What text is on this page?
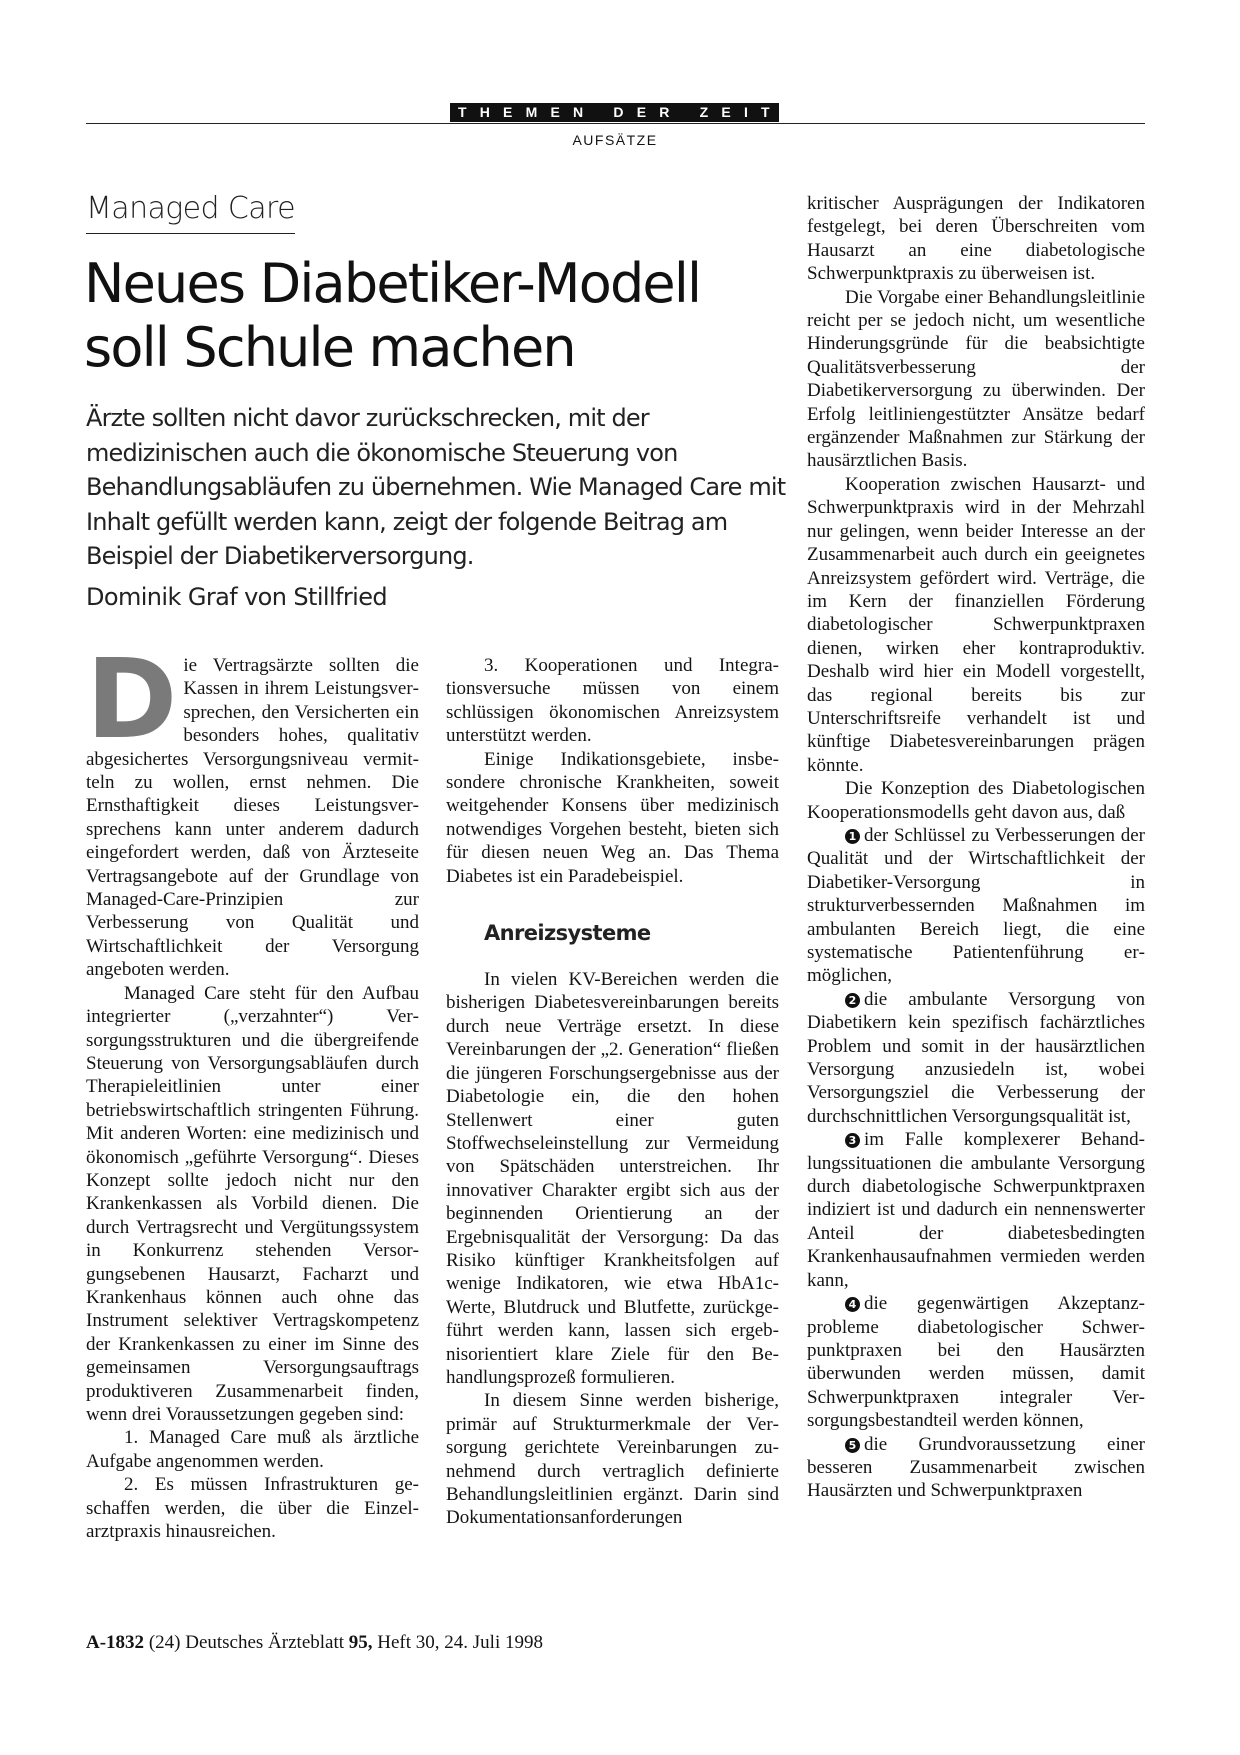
THEMEN DER ZEIT
AUFSÄTZE
Managed Care
Neues Diabetiker-Modell
soll Schule machen

Ärzte sollten nicht davor zurückschrecken, mit der medizinischen auch die ökonomische Steuerung von Behandlungsabläufen zu übernehmen. Wie Managed Care mit Inhalt gefüllt werden kann, zeigt der folgende Beitrag am Beispiel der Diabetikerversorgung.

Dominik Graf von Stillfried

Die Vertragsärzte sollten die Kassen in ihrem Leistungsversprechen, den Versicherten ein besonders hohes, qualitativ abgesichertes Versorgungsniveau vermitteln zu wollen, ernst nehmen. Die Ernsthaftigkeit dieses Leistungsversprechens kann unter anderem dadurch eingefordert werden, daß von Ärzteseite Vertragsangebote auf der Grundlage von Managed-Care-Prinzipien zur Verbesserung von Qualität und Wirtschaftlichkeit der Versorgung angeboten werden.

Managed Care steht für den Aufbau integrierter („verzahnter“) Versorgungsstrukturen und die übergreifende Steuerung von Versorgungsabläufen durch Therapieleitlinien unter einer betriebswirtschaftlich stringenten Führung. Mit anderen Worten: eine medizinisch und ökonomisch „geführte Versorgung“. Dieses Konzept sollte jedoch nicht nur den Krankenkassen als Vorbild dienen. Die durch Vertragsrecht und Vergütungssystem in Konkurrenz stehenden Versorgungsebenen Hausarzt, Facharzt und Krankenhaus können auch ohne das Instrument selektiver Vertragskompetenz der Krankenkassen zu einer im Sinne des gemeinsamen Versorgungsauftrags produktiveren Zusammenarbeit finden, wenn drei Voraussetzungen gegeben sind:

1. Managed Care muß als ärztliche Aufgabe angenommen werden.

2. Es müssen Infrastrukturen geschaffen werden, die über die Einzelarztpraxis hinausreichen.

3. Kooperationen und Integrationsversuche müssen von einem schlüssigen ökonomischen Anreizsystem unterstützt werden.

Einige Indikationsgebiete, insbesondere chronische Krankheiten, soweit weitgehender Konsens über medizinisch notwendiges Vorgehen besteht, bieten sich für diesen neuen Weg an. Das Thema Diabetes ist ein Paradebeispiel.

Anreizsysteme

In vielen KV-Bereichen werden die bisherigen Diabetesvereinbarungen bereits durch neue Verträge ersetzt. In diese Vereinbarungen der „2. Generation“ fließen die jüngeren Forschungsergebnisse aus der Diabetologie ein, die den hohen Stellenwert einer guten Stoffwechseleinstellung zur Vermeidung von Spätschäden unterstreichen. Ihr innovativer Charakter ergibt sich aus der beginnenden Orientierung an der Ergebnisqualität der Versorgung: Da das Risiko künftiger Krankheitsfolgen auf wenige Indikatoren, wie etwa HbA1c-Werte, Blutdruck und Blutfette, zurückgeführt werden kann, lassen sich ergebnisorientiert klare Ziele für den Behandlungsprozeß formulieren.

In diesem Sinne werden bisherige, primär auf Strukturmerkmale der Versorgung gerichtete Vereinbarungen zunehmend durch vertraglich definierte Behandlungsleitlinien ergänzt. Darin sind Dokumentationsanforderungen

kritischer Ausprägungen der Indikatoren festgelegt, bei deren Überschreiten vom Hausarzt an eine diabetologische Schwerpunktpraxis zu überweisen ist.

Die Vorgabe einer Behandlungsleitlinie reicht per se jedoch nicht, um wesentliche Hinderungsgründe für die beabsichtigte Qualitätsverbesserung der Diabetikerversorgung zu überwinden. Der Erfolg leitliniengestützter Ansätze bedarf ergänzender Maßnahmen zur Stärkung der hausärztlichen Basis.

Kooperation zwischen Hausarzt- und Schwerpunktpraxis wird in der Mehrzahl nur gelingen, wenn beider Interesse an der Zusammenarbeit auch durch ein geeignetes Anreizsystem gefördert wird. Verträge, die im Kern der finanziellen Förderung diabetologischer Schwerpunktpraxen dienen, wirken eher kontraproduktiv. Deshalb wird hier ein Modell vorgestellt, das regional bereits bis zur Unterschriftsreife verhandelt ist und künftige Diabetesvereinbarungen prägen könnte.

Die Konzeption des Diabetologischen Kooperationsmodells geht davon aus, daß

1 der Schlüssel zu Verbesserungen der Qualität und der Wirtschaftlichkeit der Diabetiker-Versorgung in strukturverbessernden Maßnahmen im ambulanten Bereich liegt, die eine systematische Patientenführung ermöglichen,

2 die ambulante Versorgung von Diabetikern kein spezifisch fachärztliches Problem und somit in der hausärztlichen Versorgung anzusiedeln ist, wobei Versorgungsziel die Verbesserung der durchschnittlichen Versorgungsqualität ist,

3 im Falle komplexerer Behandlungssituationen die ambulante Versorgung durch diabetologische Schwerpunktpraxen indiziert ist und dadurch ein nennenswerter Anteil der diabetesbedingten Krankenhausaufnahmen vermieden werden kann,

4 die gegenwärtigen Akzeptanzprobleme diabetologischer Schwerpunktpraxen bei den Hausärzten überwunden werden müssen, damit Schwerpunktpraxen integraler Versorgungsbestandteil werden können,

5 die Grundvoraussetzung einer besseren Zusammenarbeit zwischen Hausärzten und Schwerpunktpraxen

A-1832 (24) Deutsches Ärzteblatt 95, Heft 30, 24. Juli 1998
